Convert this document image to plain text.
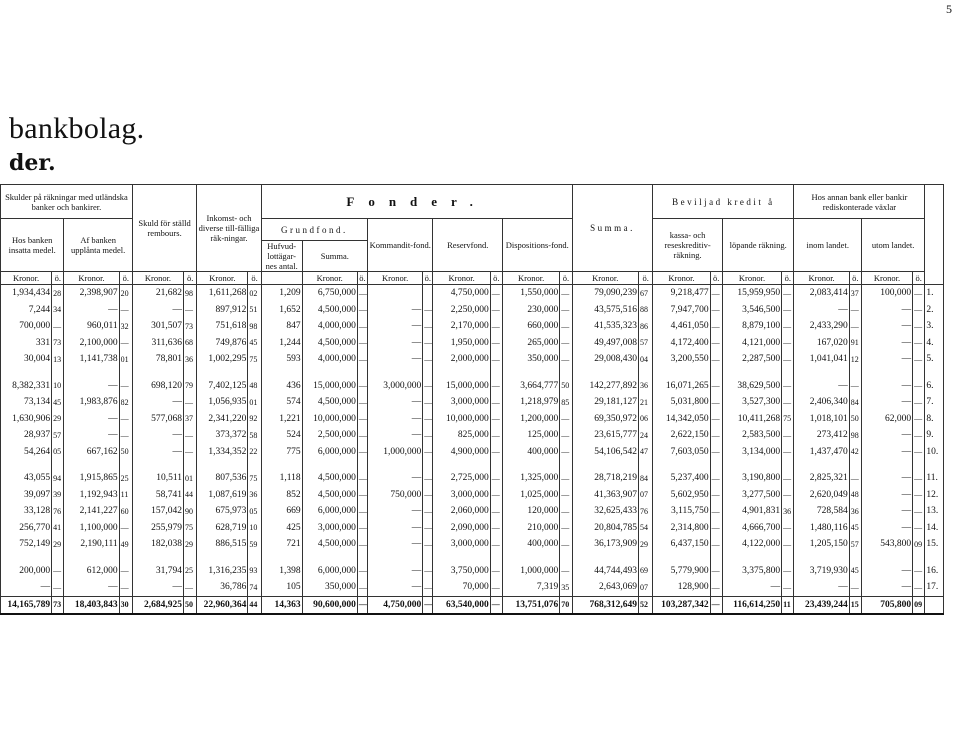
5
bankbolag.
der.
Skulder på räkningar med utländska banker och bankirer.				Skuld för ställd rembours.		Inkomst- och diverse till-fälliga räk-ningar.		Fonder.									Summa.		Beviljad kredit å				Hos annan bank eller bankir rediskonterade växlar				
Hos banken insatta medel.		Af banken upplånta medel.						Grundfond.			Kommandit-fond.		Reservfond.		Dispositions-fond.				kassa- och reseskreditiv-räkning.		löpande räkning.		inom landet.		utom landet.		
								Hufvud-lottägar-nes antal.	Summa.																		
Kronor.	ö.	Kronor.	ö.	Kronor.	ö.	Kronor.	ö.		Kronor.	ö.	Kronor.	ö.	Kronor.	ö.	Kronor.	ö.	Kronor.	ö.	Kronor.	ö.	Kronor.	ö.	Kronor.	ö.	Kronor.	ö.	
1,934,434	28	2,398,907	20	21,682	98	1,611,268	02	1,209	6,750,000	—			4,750,000	—	1,550,000	—	79,090,239	67	9,218,477	—	15,959,950	—	2,083,414	37	100,000	—	1.
7,244	34	—	—	—	—	897,912	51	1,652	4,500,000	—	—	—	2,250,000	—	230,000	—	43,575,516	88	7,947,700	—	3,546,500	—	—	—	—	—	2.
700,000	—	960,011	32	301,507	73	751,618	98	847	4,000,000	—	—	—	2,170,000	—	660,000	—	41,535,323	86	4,461,050	—	8,879,100	—	2,433,290	—	—	—	3.
331	73	2,100,000	—	311,636	68	749,876	45	1,244	4,500,000	—	—	—	1,950,000	—	265,000	—	49,497,008	57	4,172,400	—	4,121,000	—	167,020	91	—	—	4.
30,004	13	1,141,738	01	78,801	36	1,002,295	75	593	4,000,000	—	—	—	2,000,000	—	350,000	—	29,008,430	04	3,200,550	—	2,287,500	—	1,041,041	12	—	—	5.

8,382,331	10	—	—	698,120	79	7,402,125	48	436	15,000,000	—	3,000,000	—	15,000,000	—	3,664,777	50	142,277,892	36	16,071,265	—	38,629,500	—	—	—	—	—	6.
73,134	45	1,983,876	82	—	—	1,056,935	01	574	4,500,000	—	—	—	3,000,000	—	1,218,979	85	29,181,127	21	5,031,800	—	3,527,300	—	2,406,340	84	—	—	7.
1,630,906	29	—	—	577,068	37	2,341,220	92	1,221	10,000,000	—	—	—	10,000,000	—	1,200,000	—	69,350,972	06	14,342,050	—	10,411,268	75	1,018,101	50	62,000	—	8.
28,937	57	—	—	—	—	373,372	58	524	2,500,000	—	—	—	825,000	—	125,000	—	23,615,777	24	2,622,150	—	2,583,500	—	273,412	98	—	—	9.
54,264	05	667,162	50	—	—	1,334,352	22	775	6,000,000	—	1,000,000	—	4,900,000	—	400,000	—	54,106,542	47	7,603,050	—	3,134,000	—	1,437,470	42	—	—	10.

43,055	94	1,915,865	25	10,511	01	807,536	75	1,118	4,500,000	—	—	—	2,725,000	—	1,325,000	—	28,718,219	84	5,237,400	—	3,190,800	—	2,825,321	—	—	—	11.
39,097	39	1,192,943	11	58,741	44	1,087,619	36	852	4,500,000	—	750,000	—	3,000,000	—	1,025,000	—	41,363,907	07	5,602,950	—	3,277,500	—	2,620,049	48	—	—	12.
33,128	76	2,141,227	60	157,042	90	675,973	05	669	6,000,000	—	—	—	2,060,000	—	120,000	—	32,625,433	76	3,115,750	—	4,901,831	36	728,584	36	—	—	13.
256,770	41	1,100,000	—	255,979	75	628,719	10	425	3,000,000	—	—	—	2,090,000	—	210,000	—	20,804,785	54	2,314,800	—	4,666,700	—	1,480,116	45	—	—	14.
752,149	29	2,190,111	49	182,038	29	886,515	59	721	4,500,000	—	—	—	3,000,000	—	400,000	—	36,173,909	29	6,437,150	—	4,122,000	—	1,205,150	57	543,800	09	15.

200,000	—	612,000	—	31,794	25	1,316,235	93	1,398	6,000,000	—	—	—	3,750,000	—	1,000,000	—	44,744,493	69	5,779,900	—	3,375,800	—	3,719,930	45	—	—	16.
—	—	—	—	—	—	36,786	74	105	350,000	—	—	—	70,000	—	7,319	35	2,643,069	07	128,900	—	—	—	—	—	—	—	17.
14,165,789	73	18,403,843	30	2,684,925	50	22,960,364	44	14,363	90,600,000	—	4,750,000	—	63,540,000	—	13,751,076	70	768,312,649	52	103,287,342	—	116,614,250	11	23,439,244	15	705,800	09	
